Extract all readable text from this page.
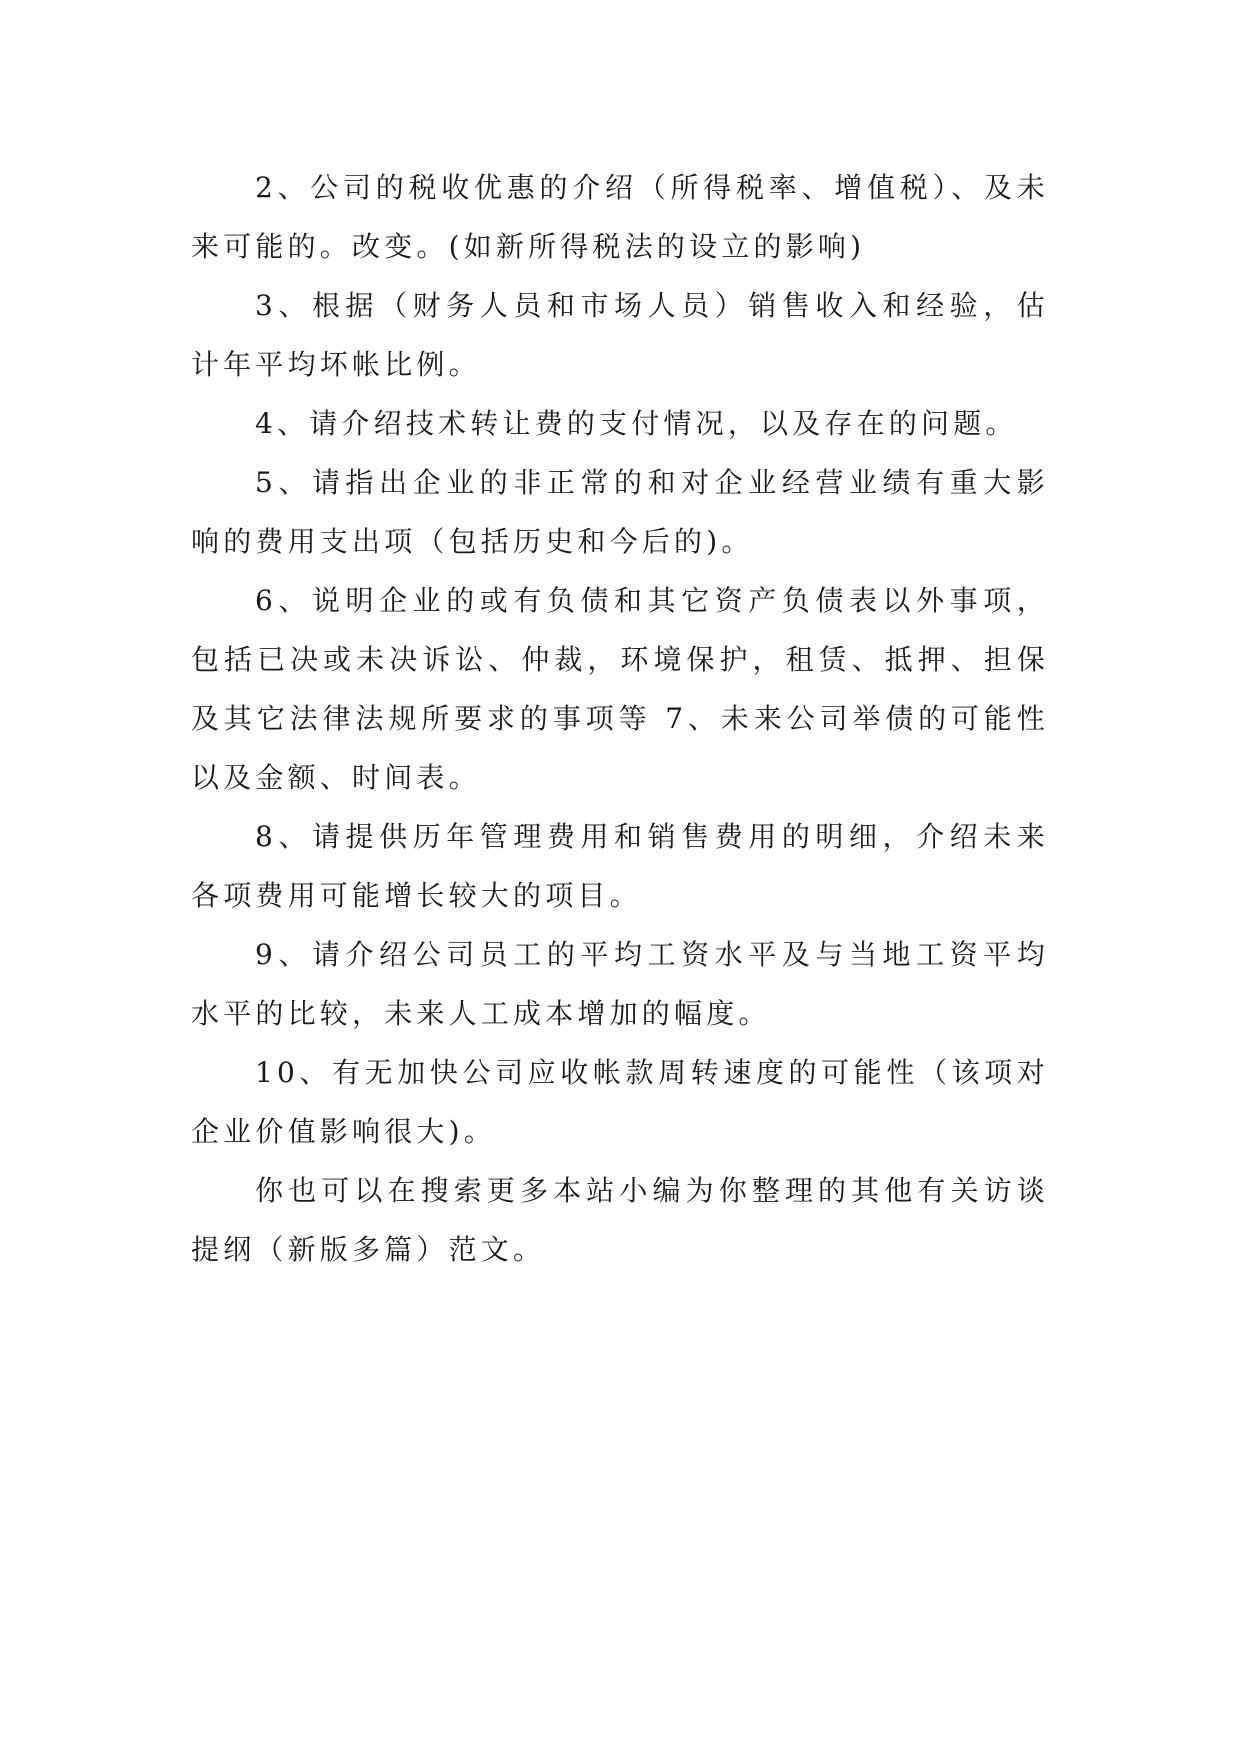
2、公司的税收优惠的介绍（所得税率、增值税）、及未来可能的。改变。(如新所得税法的设立的影响)

3、根据（财务人员和市场人员）销售收入和经验，估计年平均坏帐比例。

4、请介绍技术转让费的支付情况，以及存在的问题。

5、请指出企业的非正常的和对企业经营业绩有重大影响的费用支出项（包括历史和今后的)。

6、说明企业的或有负债和其它资产负债表以外事项，包括已决或未决诉讼、仲裁，环境保护，租赁、抵押、担保及其它法律法规所要求的事项等 7、未来公司举债的可能性以及金额、时间表。

8、请提供历年管理费用和销售费用的明细，介绍未来各项费用可能增长较大的项目。

9、请介绍公司员工的平均工资水平及与当地工资平均水平的比较，未来人工成本增加的幅度。

10、有无加快公司应收帐款周转速度的可能性（该项对企业价值影响很大)。

你也可以在搜索更多本站小编为你整理的其他有关访谈提纲（新版多篇）范文。
